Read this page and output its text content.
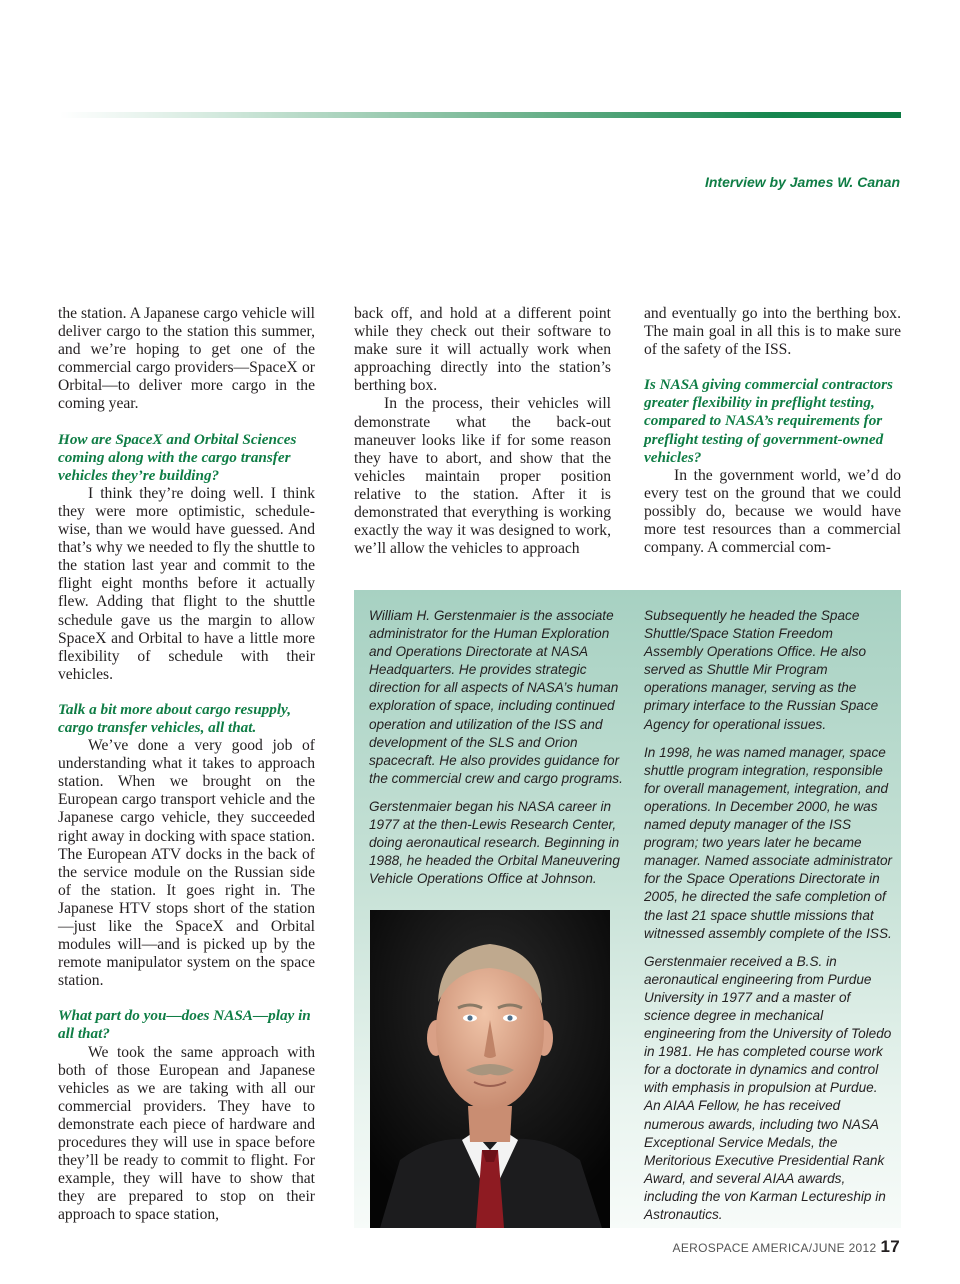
Interview by James W. Canan

the station. A Japanese cargo vehicle will deliver cargo to the station this summer, and we’re hoping to get one of the commercial cargo providers—SpaceX or Orbital—to deliver more cargo in the coming year.

How are SpaceX and Orbital Sciences coming along with the cargo transfer vehicles they’re building?

I think they’re doing well. I think they were more optimistic, schedule-wise, than we would have guessed. And that’s why we needed to fly the shuttle to the station last year and commit to the flight eight months before it actually flew. Adding that flight to the shuttle schedule gave us the margin to allow SpaceX and Orbital to have a little more flexibility of schedule with their vehicles.

Talk a bit more about cargo resupply, cargo transfer vehicles, all that.

We’ve done a very good job of understanding what it takes to approach station. When we brought on the European cargo transport vehicle and the Japanese cargo vehicle, they succeeded right away in docking with space station. The European ATV docks in the back of the service module on the Russian side of the station. It goes right in. The Japanese HTV stops short of the station—just like the SpaceX and Orbital modules will—and is picked up by the remote manipulator system on the space station.

What part do you—does NASA—play in all that?

We took the same approach with both of those European and Japanese vehicles as we are taking with all our commercial providers. They have to demonstrate each piece of hardware and procedures they will use in space before they’ll be ready to commit to flight. For example, they will have to show that they are prepared to stop on their approach to space station,

back off, and hold at a different point while they check out their software to make sure it will actually work when approaching directly into the station’s berthing box.

In the process, their vehicles will demonstrate what the back-out maneuver looks like if for some reason they have to abort, and show that the vehicles maintain proper position relative to the station. After it is demonstrated that everything is working exactly the way it was designed to work, we’ll allow the vehicles to approach

and eventually go into the berthing box. The main goal in all this is to make sure of the safety of the ISS.

Is NASA giving commercial contractors greater flexibility in preflight testing, compared to NASA’s requirements for preflight testing of government-owned vehicles?

In the government world, we’d do every test on the ground that we could possibly do, because we would have more test resources than a commercial company. A commercial com-

William H. Gerstenmaier is the associate administrator for the Human Exploration and Operations Directorate at NASA Headquarters. He provides strategic direction for all aspects of NASA’s human exploration of space, including continued operation and utilization of the ISS and development of the SLS and Orion spacecraft. He also provides guidance for the commercial crew and cargo programs.

Gerstenmaier began his NASA career in 1977 at the then-Lewis Research Center, doing aeronautical research. Beginning in 1988, he headed the Orbital Maneuvering Vehicle Operations Office at Johnson.

Subsequently he headed the Space Shuttle/Space Station Freedom Assembly Operations Office. He also served as Shuttle Mir Program operations manager, serving as the primary interface to the Russian Space Agency for operational issues.

In 1998, he was named manager, space shuttle program integration, responsible for overall management, integration, and operations. In December 2000, he was named deputy manager of the ISS program; two years later he became manager. Named associate administrator for the Space Operations Directorate in 2005, he directed the safe completion of the last 21 space shuttle missions that witnessed assembly complete of the ISS.

Gerstenmaier received a B.S. in aeronautical engineering from Purdue University in 1977 and a master of science degree in mechanical engineering from the University of Toledo in 1981. He has completed course work for a doctorate in dynamics and control with emphasis in propulsion at Purdue. An AIAA Fellow, he has received numerous awards, including two NASA Exceptional Service Medals, the Meritorious Executive Presidential Rank Award, and several AIAA awards, including the von Karman Lectureship in Astronautics.

AEROSPACE AMERICA/JUNE 2012 17
